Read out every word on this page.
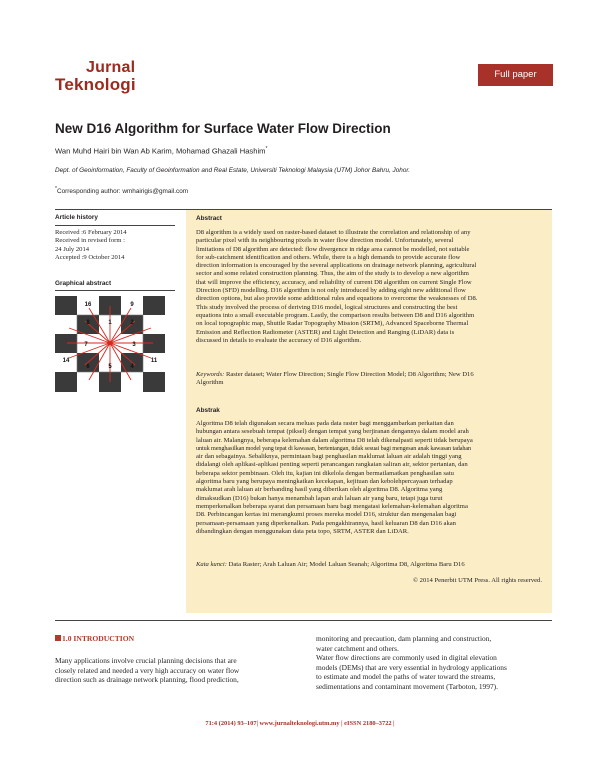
Jurnal
Teknologi
Full paper
New D16 Algorithm for Surface Water Flow Direction
Wan Muhd Hairi bin Wan Ab Karim, Mohamad Ghazali Hashim*
Dept. of Geoinformation, Faculty of Geoinformation and Real Estate, Universiti Teknologi Malaysia (UTM) Johor Bahru, Johor.
*Corresponding author: wmhairigis@gmail.com
Article history
Received :6 February 2014
Received in revised form :
24 July 2014
Accepted :9 October 2014
Graphical abstract
8	1	2
7	3
6	5	4
12	10
14	11
16	9
13	15
Abstract

D8 algorithm is a widely used on raster-based dataset to illustrate the correlation and relationship of any

particular pixel with its neighbouring pixels in water flow direction model. Unfortunately, several

limitations of D8 algorithm are detected: flow divergence in ridge area cannot be modelled, not suitable

for sub-catchment identification and others. While, there is a high demands to provide accurate flow

direction information is encouraged by the several applications on drainage network planning, agricultural

sector and some related construction planning. Thus, the aim of the study is to develop a new algorithm

that will improve the efficiency, accuracy, and reliability of current D8 algorithm on current Single Flow

Direction (SFD) modelling. D16 algorithm is not only introduced by adding eight new additional flow

direction options, but also provide some additional rules and equations to overcome the weaknesses of D8.

This study involved the process of deriving D16 model, logical structures and constructing the best

equations into a small executable program. Lastly, the comparison results between D8 and D16 algorithm

on local topographic map, Shuttle Radar Topography Mission (SRTM), Advanced Spaceborne Thermal

Emission and Reflection Radiometer (ASTER) and Light Detection and Ranging (LiDAR) data is

discussed in details to evaluate the accuracy of D16 algorithm.

Keywords: Raster dataset; Water Flow Direction; Single Flow Direction Model; D8 Algorithm; New D16

Algorithm

Abstrak

Algoritma D8 telah digunakan secara meluas pada data raster bagi menggambarkan perkaitan dan

hubungan antara sesebuah tempat (piksel) dengan tempat yang berjiranan dengannya dalam model arah

laluan air. Malangnya, beberapa kelemahan dalam algoritma D8 telah dikenalpasti seperti tidak berupaya

untuk menghasilkan model yang tepat di kawasan, bertentangan, tidak sesuai bagi mengesan anak kawasan tadahan

air dan sebagainya. Sebaliknya, permintaan bagi penghasilan maklumat laluan air adalah tinggi yang

didalangi oleh aplikasi-aplikasi penting seperti perancangan rangkaian saliran air, sektor pertanian, dan

beberapa sektor pembinaan. Oleh itu, kajian ini dikelola dengan bermatlamatkan penghasilan satu

algoritma baru yang berupaya meningkatkan kecekapan, kejituan dan kebolehpercayaan terhadap

maklumat arah laluan air berbanding hasil yang diberikan oleh algoritma D8. Algoritma yang

dimaksudkan (D16) bukan hanya menambah lapan arah laluan air yang baru, tetapi juga turut

memperkenalkan beberapa syarat dan persamaan baru bagi mengatasi kelemahan-kelemahan algoritma

D8. Perbincangan kertas ini merangkumi proses mereka model D16, struktur dan mengenalan bagi

persamaan-persamaan yang diperkenalkan. Pada pengakhirannya, hasil keluaran D8 dan D16 akan

dibandingkan dengan menggunakan data peta topo, SRTM, ASTER dan LiDAR.

Kata kunci: Data Raster; Arah Laluan Air; Model Laluan Seanah; Algoritma D8, Algoritma Baru D16

© 2014 Penerbit UTM Press. All rights reserved.
1.0 INTRODUCTION

Many applications involve crucial planning decisions that are

closely related and needed a very high accuracy on water flow

direction such as drainage network planning, flood prediction,

monitoring and precaution, dam planning and construction,

water catchment and others.

Water flow directions are commonly used in digital elevation

models (DEMs) that are very essential in hydrology applications

to estimate and model the paths of water toward the streams,

sedimentations and contaminant movement (Tarboton, 1997).

71:4 (2014) 93–107| www.jurnalteknologi.utm.my | eISSN 2180–3722 |
